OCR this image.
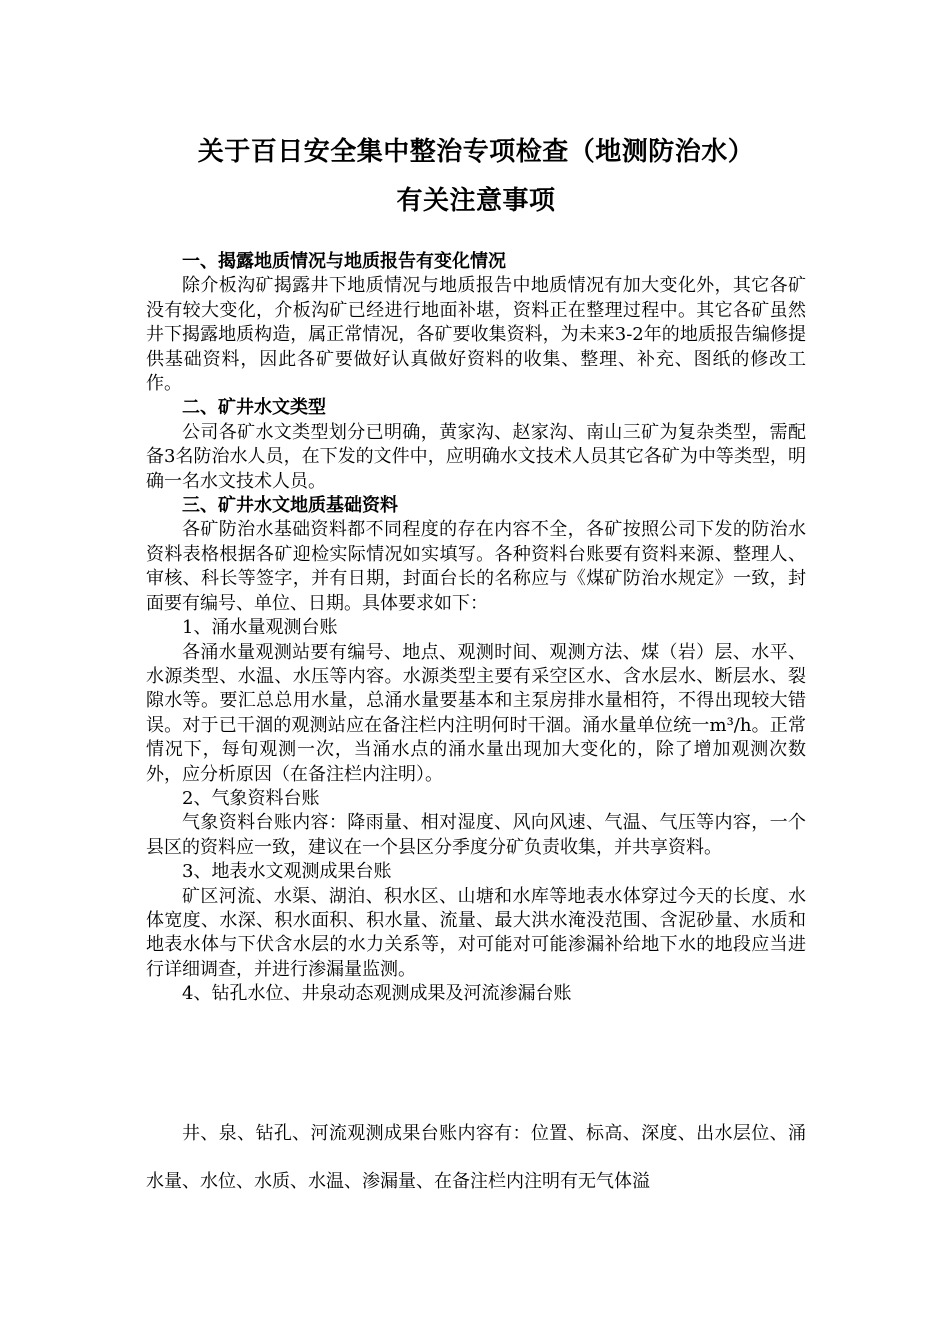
关于百日安全集中整治专项检查（地测防治水）
有关注意事项

一、揭露地质情况与地质报告有变化情况

除介板沟矿揭露井下地质情况与地质报告中地质情况有加大变化外，其它各矿没有较大变化，介板沟矿已经进行地面补堪，资料正在整理过程中。其它各矿虽然井下揭露地质构造，属正常情况，各矿要收集资料，为未来3-2年的地质报告编修提供基础资料，因此各矿要做好认真做好资料的收集、整理、补充、图纸的修改工作。

二、矿井水文类型

公司各矿水文类型划分已明确，黄家沟、赵家沟、南山三矿为复杂类型，需配备3名防治水人员，在下发的文件中，应明确水文技术人员其它各矿为中等类型，明确一名水文技术人员。

三、矿井水文地质基础资料

各矿防治水基础资料都不同程度的存在内容不全，各矿按照公司下发的防治水资料表格根据各矿迎检实际情况如实填写。各种资料台账要有资料来源、整理人、审核、科长等签字，并有日期，封面台长的名称应与《煤矿防治水规定》一致，封面要有编号、单位、日期。具体要求如下：

1、涌水量观测台账

各涌水量观测站要有编号、地点、观测时间、观测方法、煤（岩）层、水平、水源类型、水温、水压等内容。水源类型主要有采空区水、含水层水、断层水、裂隙水等。要汇总总用水量，总涌水量要基本和主泵房排水量相符，不得出现较大错误。对于已干涸的观测站应在备注栏内注明何时干涸。涌水量单位统一m³/h。正常情况下，每旬观测一次，当涌水点的涌水量出现加大变化的，除了增加观测次数外，应分析原因（在备注栏内注明）。

2、气象资料台账

气象资料台账内容：降雨量、相对湿度、风向风速、气温、气压等内容，一个县区的资料应一致，建议在一个县区分季度分矿负责收集，并共享资料。

3、地表水文观测成果台账

矿区河流、水渠、湖泊、积水区、山塘和水库等地表水体穿过今天的长度、水体宽度、水深、积水面积、积水量、流量、最大洪水淹没范围、含泥砂量、水质和地表水体与下伏含水层的水力关系等，对可能对可能渗漏补给地下水的地段应当进行详细调查，并进行渗漏量监测。

4、钻孔水位、井泉动态观测成果及河流渗漏台账

井、泉、钻孔、河流观测成果台账内容有：位置、标高、深度、出水层位、涌水量、水位、水质、水温、渗漏量、在备注栏内注明有无气体溢
